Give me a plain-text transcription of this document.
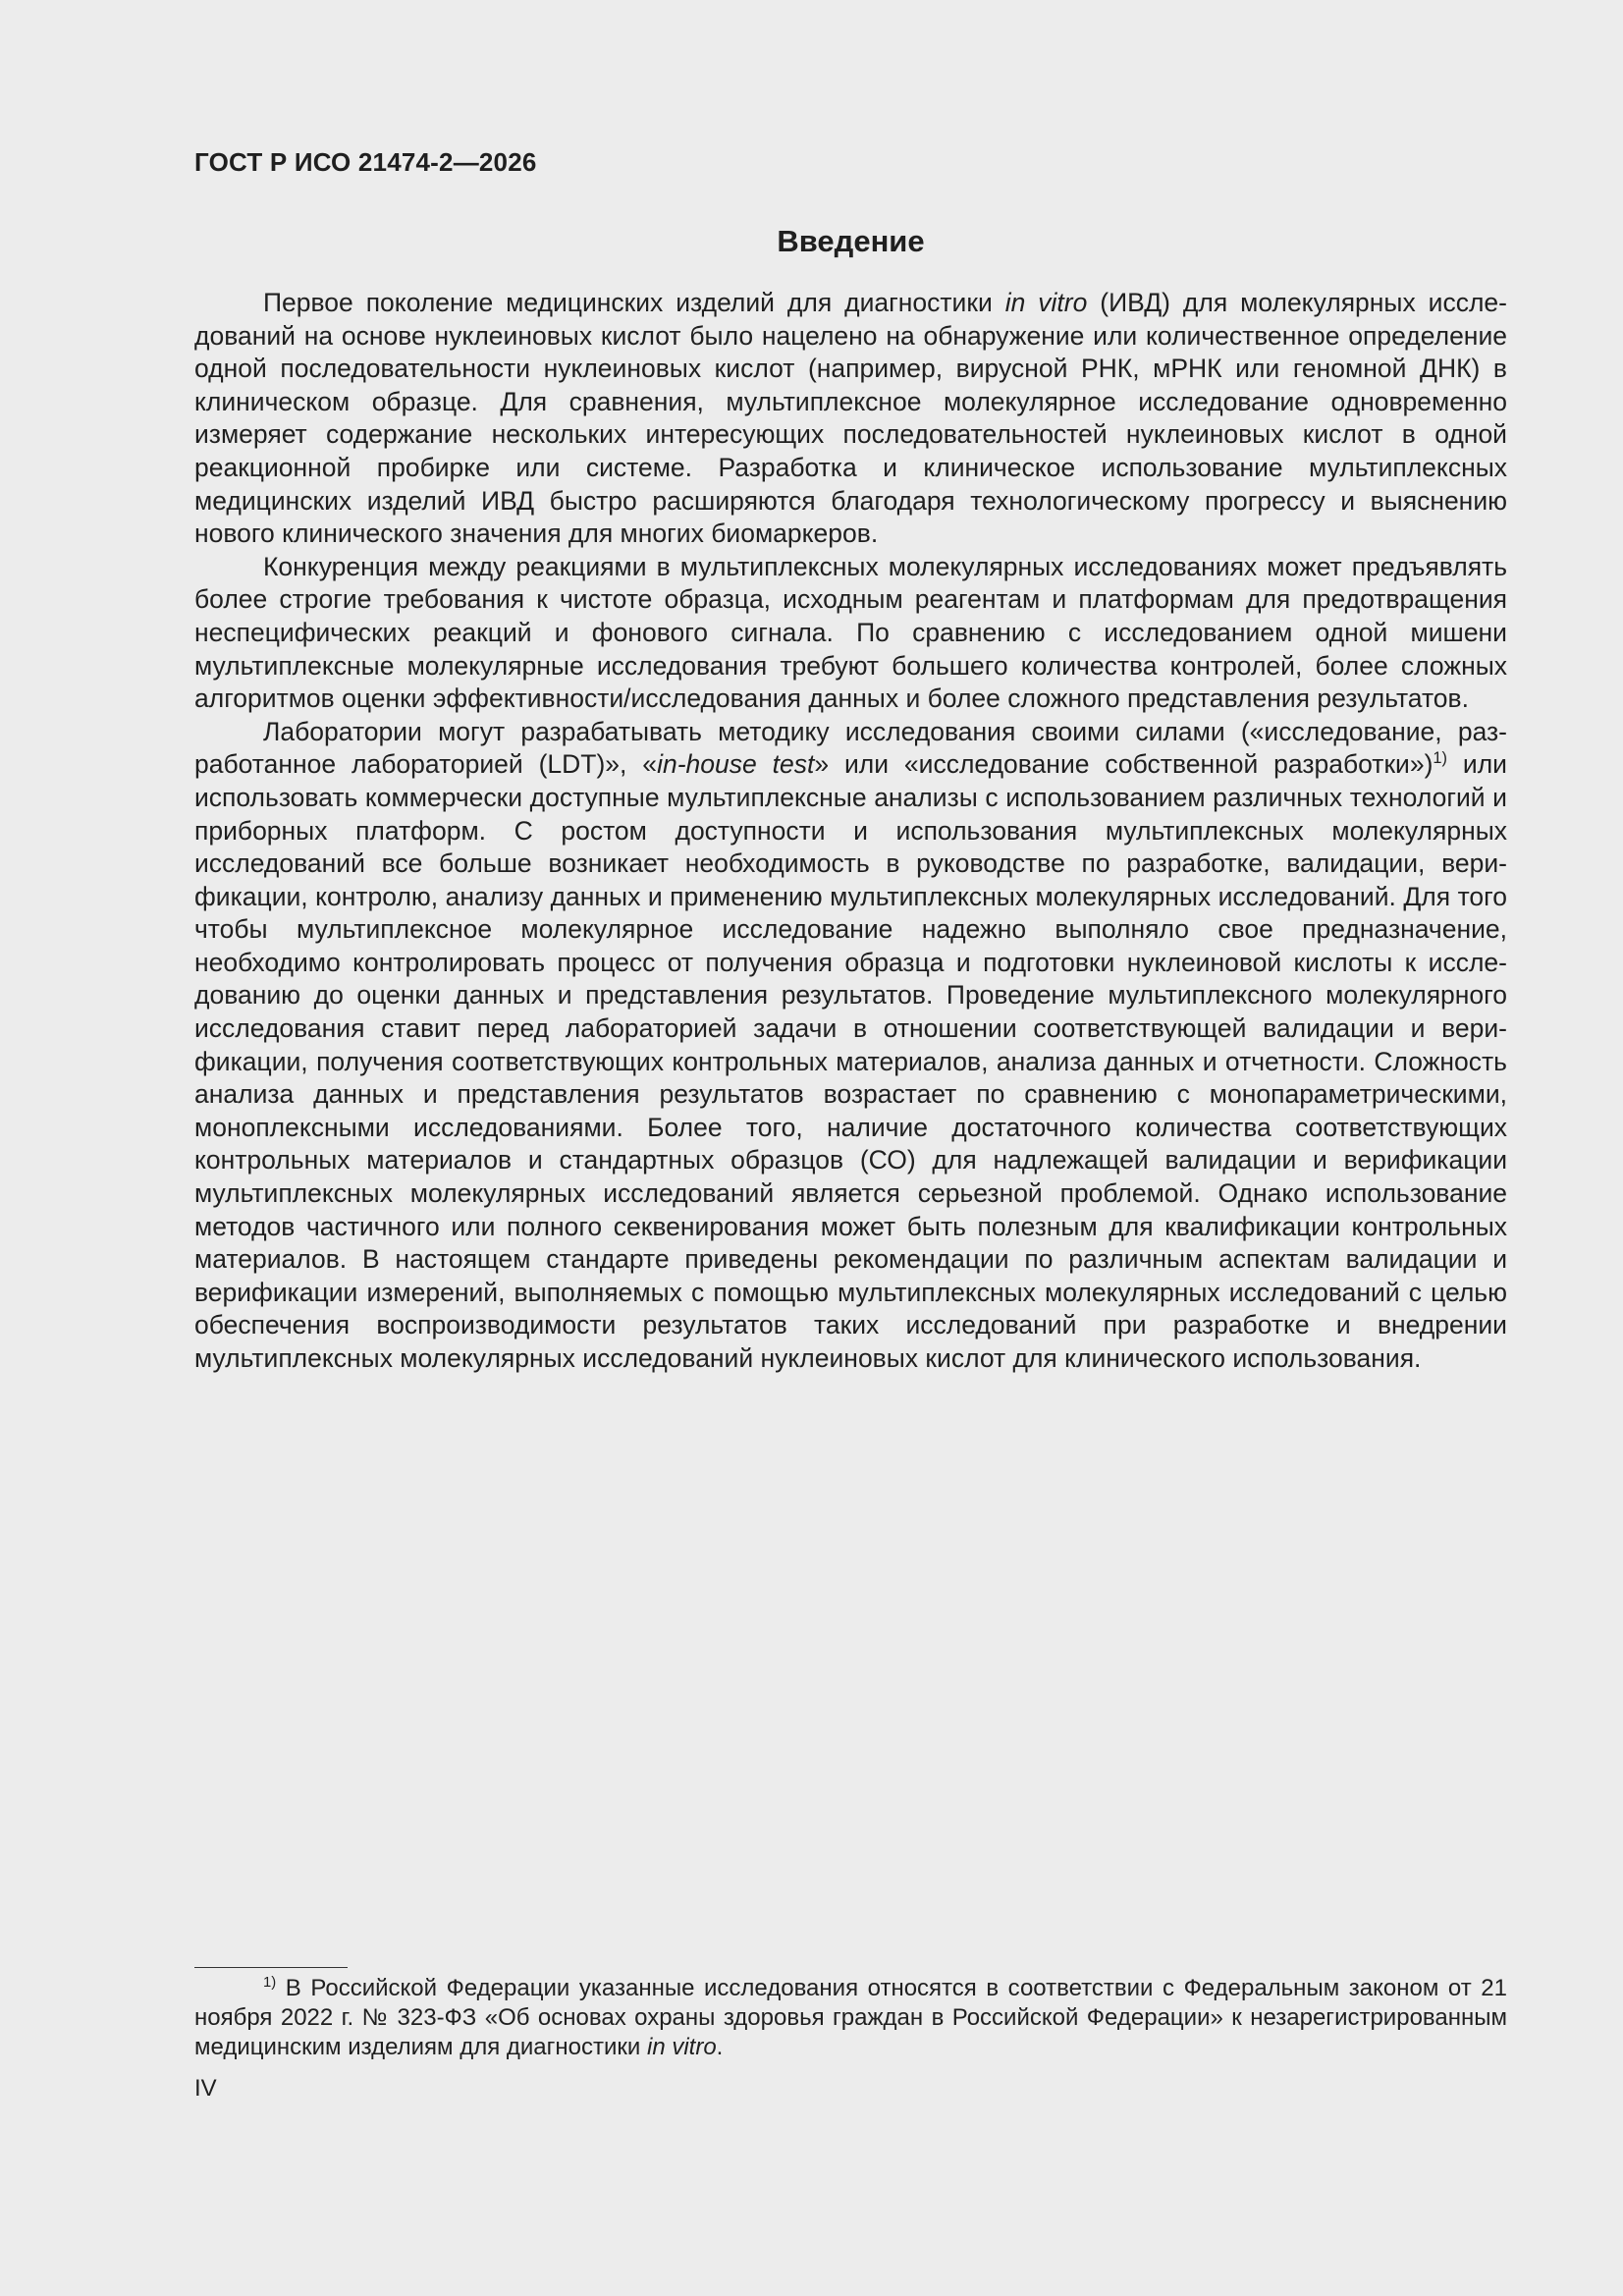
ГОСТ Р ИСО 21474-2—2026
Введение

Первое поколение медицинских изделий для диагностики in vitro (ИВД) для молекулярных исследований на основе нуклеиновых кислот было нацелено на обнаружение или количественное определение одной последовательности нуклеиновых кислот (например, вирусной РНК, мРНК или геномной ДНК) в клиническом образце. Для сравнения, мультиплексное молекулярное исследование одновременно измеряет содержание нескольких интересующих последовательностей нуклеиновых кислот в одной реакционной пробирке или системе. Разработка и клиническое использование мультиплексных медицинских изделий ИВД быстро расширяются благодаря технологическому прогрессу и выяснению нового клинического значения для многих биомаркеров.

Конкуренция между реакциями в мультиплексных молекулярных исследованиях может предъявлять более строгие требования к чистоте образца, исходным реагентам и платформам для предотвращения неспецифических реакций и фонового сигнала. По сравнению с исследованием одной мишени мультиплексные молекулярные исследования требуют большего количества контролей, более сложных алгоритмов оценки эффективности/исследования данных и более сложного представления результатов.

Лаборатории могут разрабатывать методику исследования своими силами («исследование, разработанное лабораторией (LDT)», «in-house test» или «исследование собственной разработки»)$^{1)}$ или использовать коммерчески доступные мультиплексные анализы с использованием различных технологий и приборных платформ. С ростом доступности и использования мультиплексных молекулярных исследований все больше возникает необходимость в руководстве по разработке, валидации, верификации, контролю, анализу данных и применению мультиплексных молекулярных исследований. Для того чтобы мультиплексное молекулярное исследование надежно выполняло свое предназначение, необходимо контролировать процесс от получения образца и подготовки нуклеиновой кислоты к исследованию до оценки данных и представления результатов. Проведение мультиплексного молекулярного исследования ставит перед лабораторией задачи в отношении соответствующей валидации и верификации, получения соответствующих контрольных материалов, анализа данных и отчетности. Сложность анализа данных и представления результатов возрастает по сравнению с монопараметрическими, моноплексными исследованиями. Более того, наличие достаточного количества соответствующих контрольных материалов и стандартных образцов (СО) для надлежащей валидации и верификации мультиплексных молекулярных исследований является серьезной проблемой. Однако использование методов частичного или полного секвенирования может быть полезным для квалификации контрольных материалов. В настоящем стандарте приведены рекомендации по различным аспектам валидации и верификации измерений, выполняемых с помощью мультиплексных молекулярных исследований с целью обеспечения воспроизводимости результатов таких исследований при разработке и внедрении мультиплексных молекулярных исследований нуклеиновых кислот для клинического использования.

$^{1)}$ В Российской Федерации указанные исследования относятся в соответствии с Федеральным законом от 21 ноября 2022 г. № 323-ФЗ «Об основах охраны здоровья граждан в Российской Федерации» к незарегистрированным медицинским изделиям для диагностики in vitro.

IV
